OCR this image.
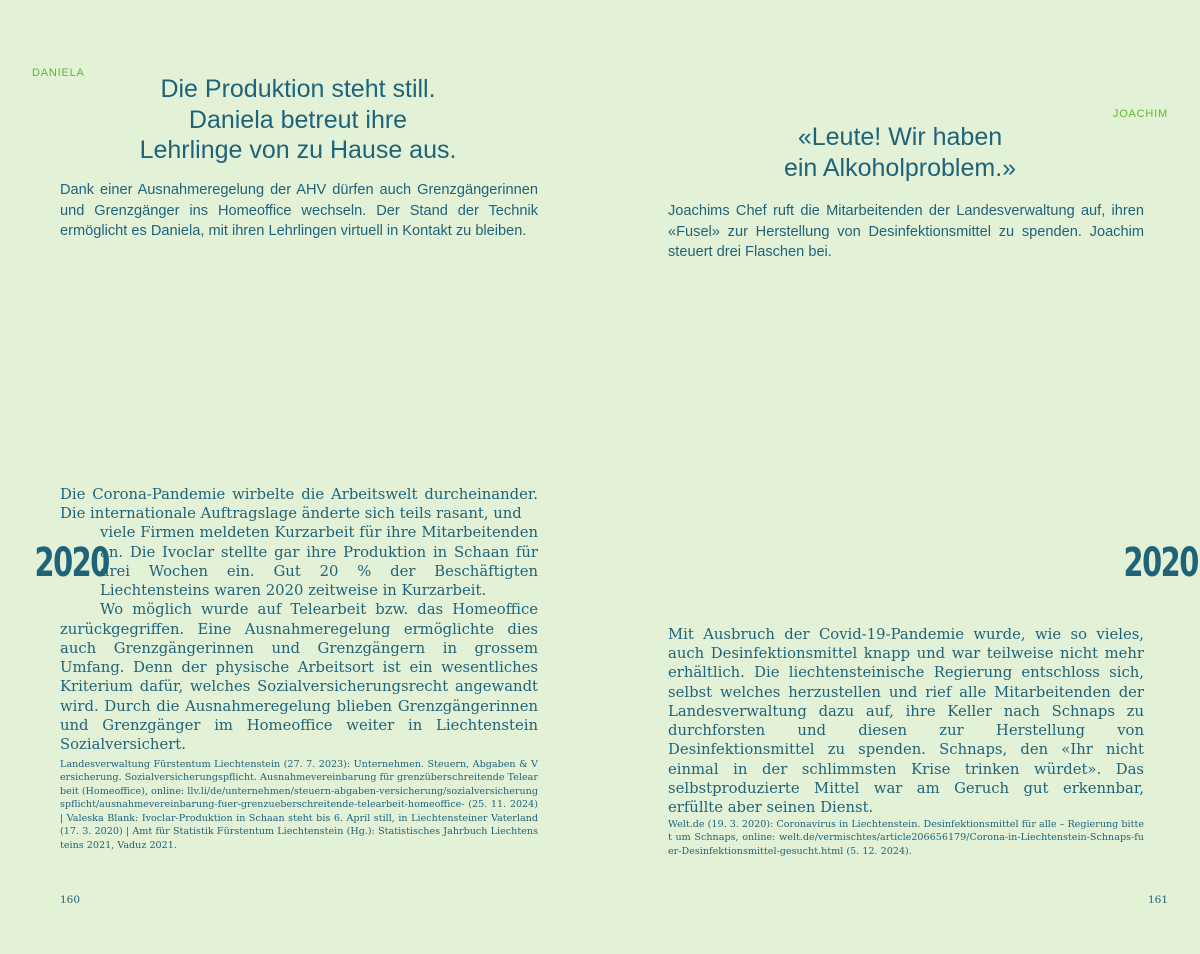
DANIELA
Die Produktion steht still.
Daniela betreut ihre
Lehrlinge von zu Hause aus.
Dank einer Ausnahmeregelung der AHV dürfen auch Grenzgängerinnen und Grenzgänger ins Homeoffice wechseln. Der Stand der Technik ermöglicht es Daniela, mit ihren Lehrlingen virtuell in Kontakt zu bleiben.
2020

Die Corona-Pandemie wirbelte die Arbeitswelt durcheinander. Die internationale Auftragslage änderte sich teils rasant, und

viele Firmen meldeten Kurzarbeit für ihre Mitarbeitenden an. Die Ivoclar stellte gar ihre Produktion in Schaan für drei Wochen ein. Gut 20 % der Beschäftigten Liechtensteins waren 2020 zeitweise in Kurzarbeit.

Wo möglich wurde auf Telearbeit bzw. das Homeoffice zurückgegriffen. Eine Ausnahmeregelung ermöglichte dies auch Grenzgängerinnen und Grenzgängern in grossem Umfang. Denn der physische Arbeitsort ist ein wesentliches Kriterium dafür, welches Sozialversicherungsrecht angewandt wird. Durch die Ausnahmeregelung blieben Grenzgängerinnen und Grenzgänger im Homeoffice weiter in Liechtenstein Sozialversichert.

Landesverwaltung Fürstentum Liechtenstein (27. 7. 2023): Unternehmen. Steuern, Abgaben & Versicherung. Sozialversicherungspflicht. Ausnahmevereinbarung für grenzüberschreitende Telearbeit (Homeoffice), online: llv.li/de/unternehmen/steuern-abgaben-versicherung/sozialversicherungspflicht/ausnahmevereinbarung-fuer-grenzueberschreitende-telearbeit-homeoffice- (25. 11. 2024) | Valeska Blank: Ivoclar-Produktion in Schaan steht bis 6. April still, in Liechtensteiner Vaterland (17. 3. 2020) | Amt für Statistik Fürstentum Liechtenstein (Hg.): Statistisches Jahrbuch Liechtensteins 2021, Vaduz 2021.
160
JOACHIM
«Leute! Wir haben
ein Alkoholproblem.»
Joachims Chef ruft die Mitarbeitenden der Landesverwaltung auf, ihren «Fusel» zur Herstellung von Desinfektionsmittel zu spenden. Joachim steuert drei Flaschen bei.
2020
Mit Ausbruch der Covid-19-Pandemie wurde, wie so vieles, auch Desinfektionsmittel knapp und war teilweise nicht mehr erhältlich. Die liechtensteinische Regierung entschloss sich, selbst welches herzustellen und rief alle Mitarbeitenden der Landesverwaltung dazu auf, ihre Keller nach Schnaps zu durchforsten und diesen zur Herstellung von Desinfektionsmittel zu spenden. Schnaps, den «Ihr nicht einmal in der schlimmsten Krise trinken würdet». Das selbstproduzierte Mittel war am Geruch gut erkennbar, erfüllte aber seinen Dienst.
Welt.de (19. 3. 2020): Coronavirus in Liechtenstein. Desinfektionsmittel für alle – Regierung bittet um Schnaps, online: welt.de/vermischtes/article206656179/Corona-in-Liechtenstein-Schnaps-fuer-Desinfektionsmittel-gesucht.html (5. 12. 2024).
161
